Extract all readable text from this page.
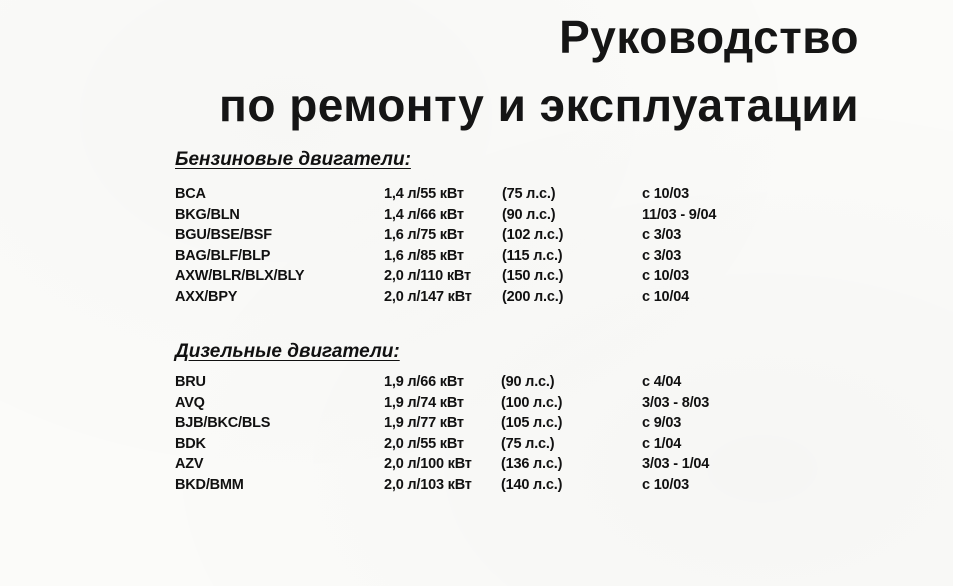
Руководство
по ремонту и эксплуатации
Бензиновые двигатели:
BCA	1,4 л/55 кВт	(75 л.с.)	с 10/03
BKG/BLN	1,4 л/66 кВт	(90 л.с.)	11/03 - 9/04
BGU/BSE/BSF	1,6 л/75 кВт	(102 л.с.)	с 3/03
BAG/BLF/BLP	1,6 л/85 кВт	(115 л.с.)	с 3/03
AXW/BLR/BLX/BLY	2,0 л/110 кВт (150 л.с.)	с 10/03
AXX/BPY	2,0 л/147 кВт (200 л.с.)	с 10/04
Дизельные двигатели:
BRU	1,9 л/66 кВт	(90 л.с.)	с 4/04
AVQ	1,9 л/74 кВт	(100 л.с.)	3/03 - 8/03
BJB/BKC/BLS	1,9 л/77 кВт	(105 л.с.)	с 9/03
BDK	2,0 л/55 кВт	(75 л.с.)	с 1/04
AZV	2,0 л/100 кВт (136 л.с.)	3/03 - 1/04
BKD/BMM	2,0 л/103 кВт (140 л.с.)	с 10/03
